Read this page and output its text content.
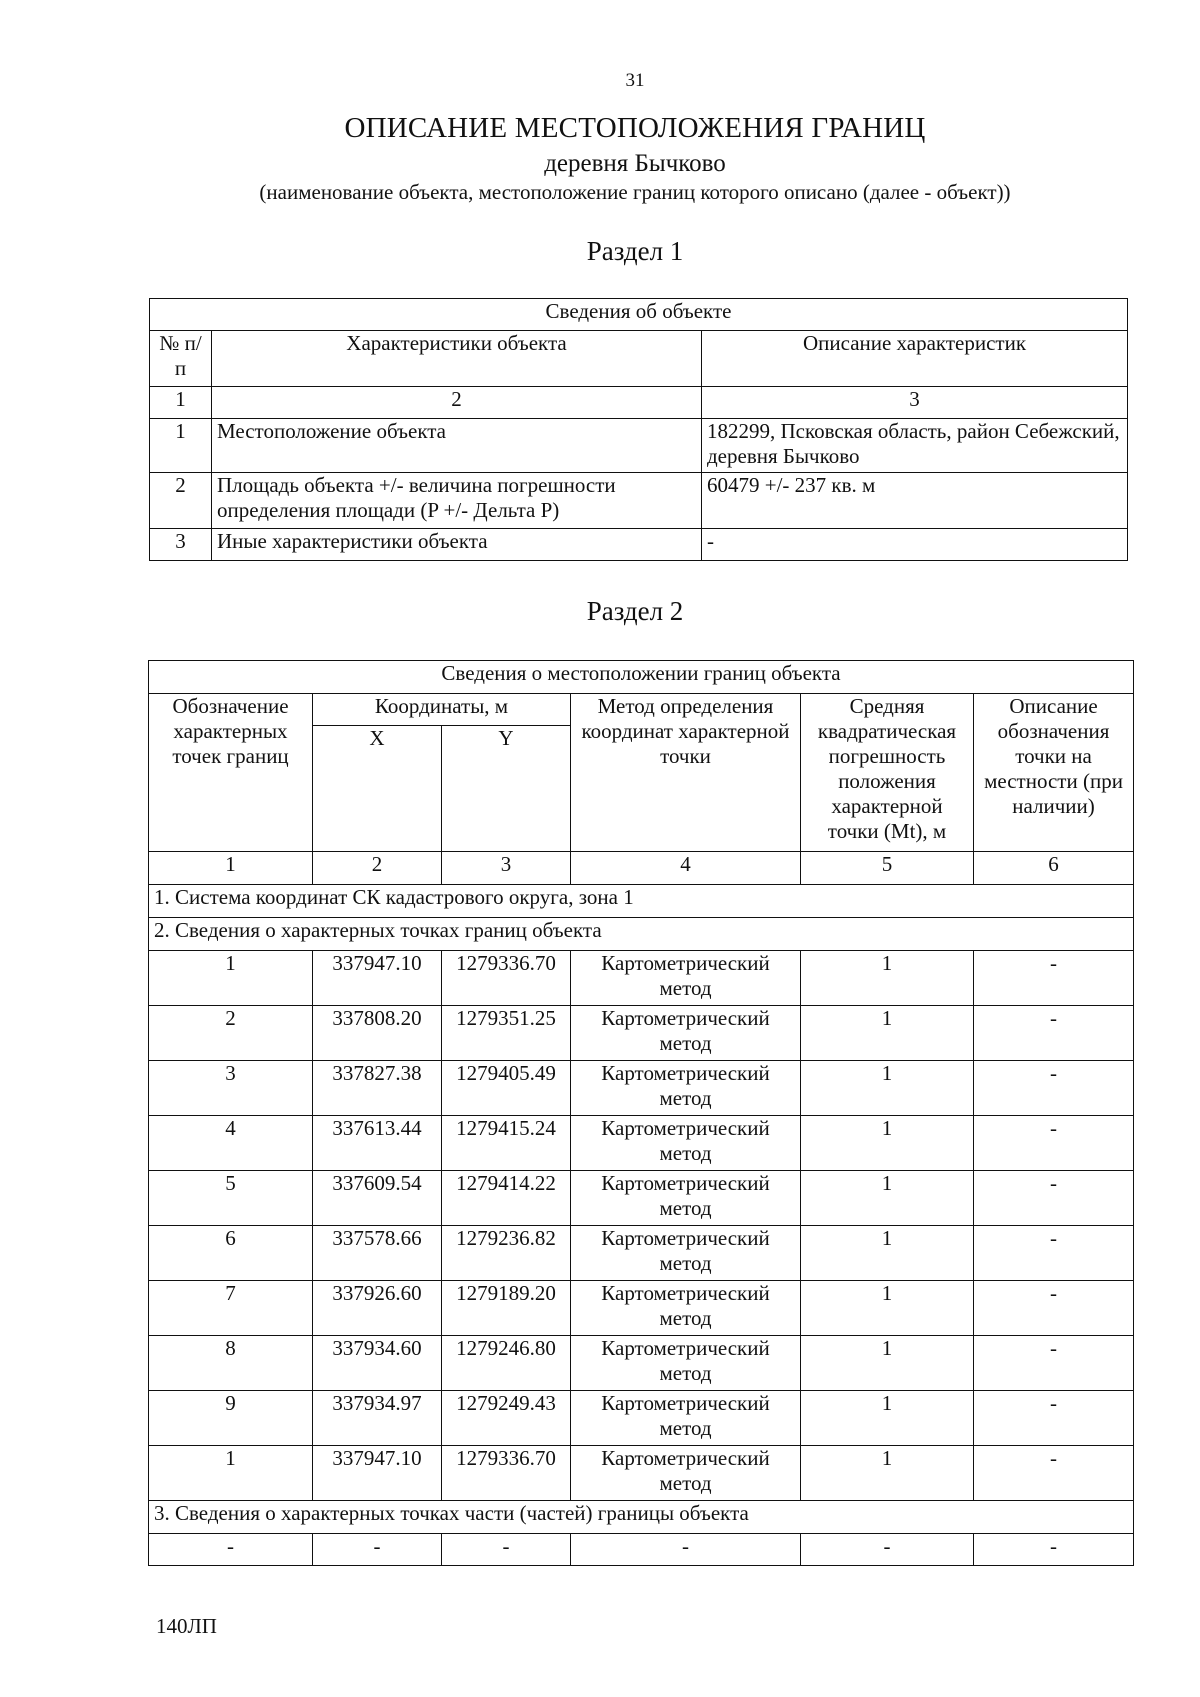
31
ОПИСАНИЕ МЕСТОПОЛОЖЕНИЯ ГРАНИЦ
деревня Бычково
(наименование объекта, местоположение границ которого описано (далее - объект))
Раздел 1
Сведения об объекте		
№ п/п	Характеристики объекта	Описание характеристик
1	2	3
1	Местоположение объекта	182299, Псковская область, район Себежский, деревня Бычково
2	Площадь объекта +/- величина погрешности определения площади (P +/- Дельта P)	60479 +/- 237 кв. м
3	Иные характеристики объекта	-
Раздел 2
Сведения о местоположении границ объекта					
Обозначение характерных точек границ	Координаты, м		Метод определения координат характерной точки	Средняя квадратическая погрешность положения характерной точки (Mt), м	Описание обозначения точки на местности (при наличии)
	X	Y			
1	2	3	4	5	6
1. Система координат СК кадастрового округа, зона 1					
2. Сведения о характерных точках границ объекта					
1	337947.10	1279336.70	Картометрический метод	1	-
2	337808.20	1279351.25	Картометрический метод	1	-
3	337827.38	1279405.49	Картометрический метод	1	-
4	337613.44	1279415.24	Картометрический метод	1	-
5	337609.54	1279414.22	Картометрический метод	1	-
6	337578.66	1279236.82	Картометрический метод	1	-
7	337926.60	1279189.20	Картометрический метод	1	-
8	337934.60	1279246.80	Картометрический метод	1	-
9	337934.97	1279249.43	Картометрический метод	1	-
1	337947.10	1279336.70	Картометрический метод	1	-
3. Сведения о характерных точках части (частей) границы объекта					
-	-	-	-	-	-
140ЛП
